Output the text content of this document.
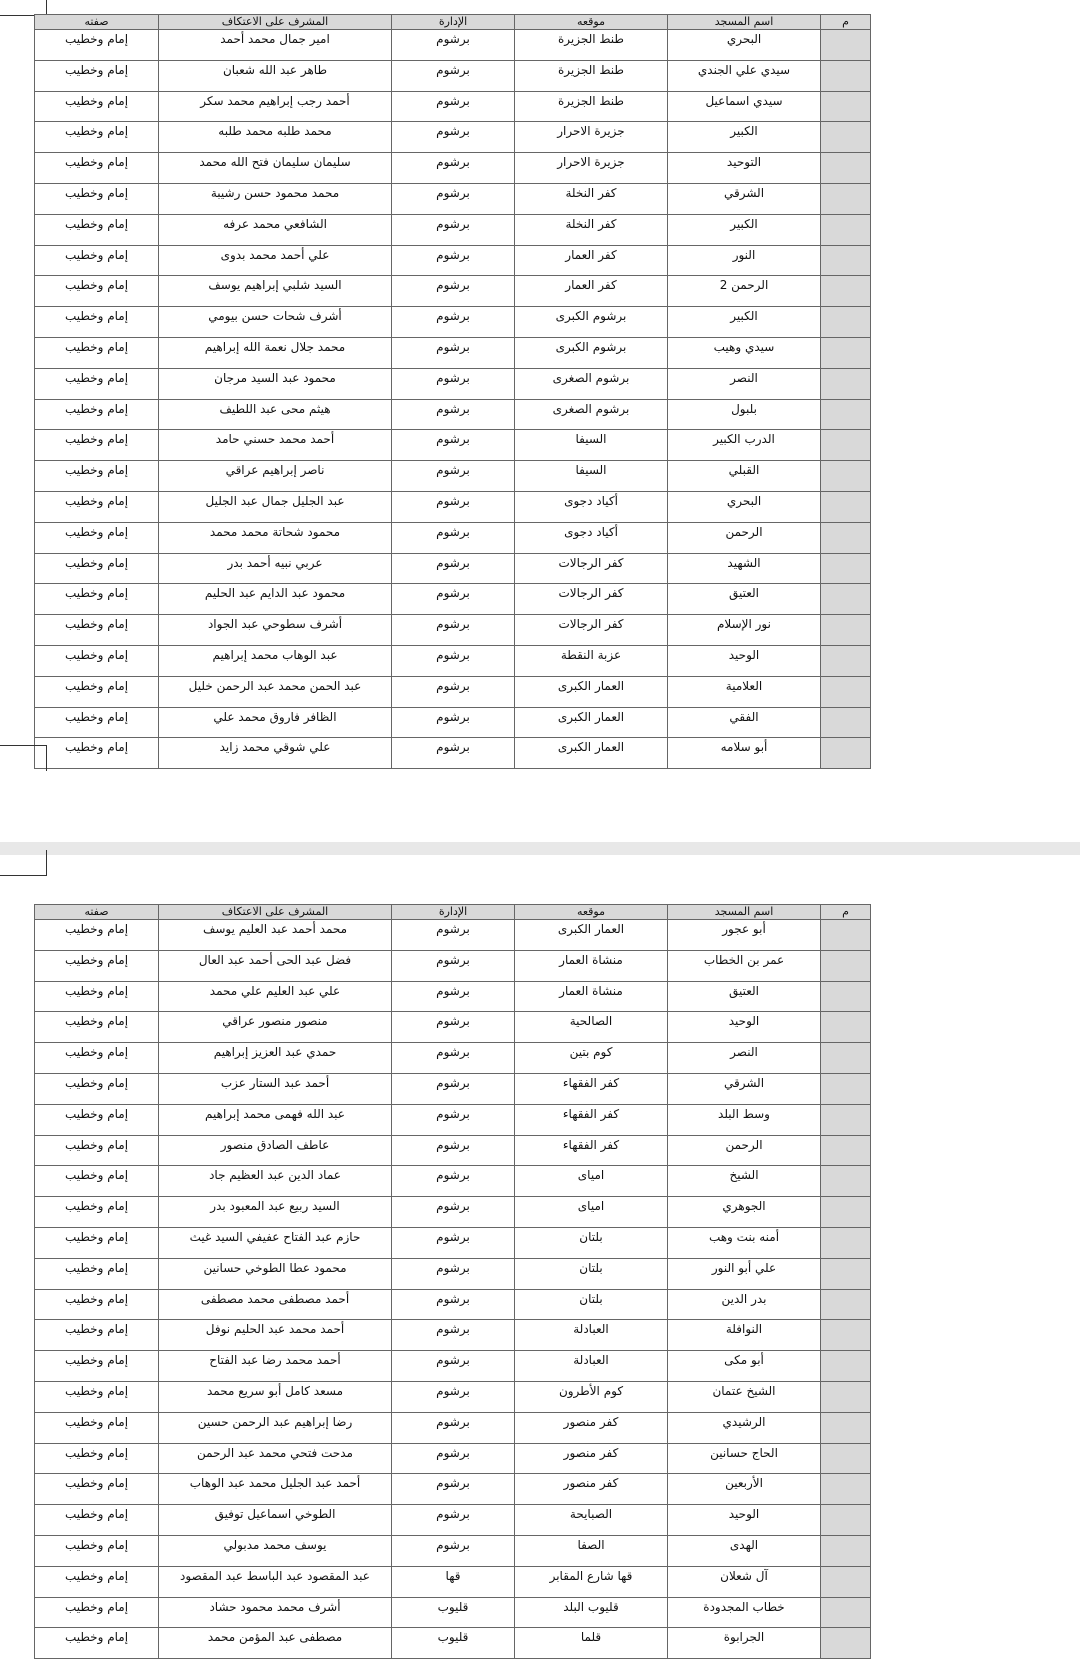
م	اسم المسجد	موقعه	الإدارة	المشرف على الاعتكاف	صفته
	البحري	طنط الجزيرة	برشوم	امير جمال محمد أحمد	إمام وخطيب
	سيدي علي الجندي	طنط الجزيرة	برشوم	طاهر عبد الله شعبان	إمام وخطيب
	سيدي اسماعيل	طنط الجزيرة	برشوم	أحمد رجب إبراهيم محمد سكر	إمام وخطيب
	الكبير	جزيرة الاحرار	برشوم	محمد طلبه محمد طلبه	إمام وخطيب
	التوحيد	جزيرة الاحرار	برشوم	سليمان سليمان فتح الله محمد	إمام وخطيب
	الشرقي	كفر النخلة	برشوم	محمد محمود حسن رشيبة	إمام وخطيب
	الكبير	كفر النخلة	برشوم	الشافعي محمد عرفه	إمام وخطيب
	النور	كفر العمار	برشوم	علي أحمد محمد بدوى	إمام وخطيب
	الرحمن 2	كفر العمار	برشوم	السيد شلبي إبراهيم يوسف	إمام وخطيب
	الكبير	برشوم الكبرى	برشوم	أشرف شحات حسن بيومي	إمام وخطيب
	سيدي وهيب	برشوم الكبرى	برشوم	محمد جلال نعمة الله إبراهيم	إمام وخطيب
	النصر	برشوم الصغرى	برشوم	محمود عبد السيد مرجان	إمام وخطيب
	بلبول	برشوم الصغرى	برشوم	هيثم محى عبد اللطيف	إمام وخطيب
	الدرب الكبير	السيفا	برشوم	أحمد محمد حسني حامد	إمام وخطيب
	القبلي	السيفا	برشوم	ناصر إبراهيم عراقي	إمام وخطيب
	البحري	أكياد دجوى	برشوم	عبد الجليل جمال عبد الجليل	إمام وخطيب
	الرحمن	أكياد دجوى	برشوم	محمود شحاتة محمد محمد	إمام وخطيب
	الشهيد	كفر الرجالات	برشوم	عربي نبيه أحمد بدر	إمام وخطيب
	العتيق	كفر الرجالات	برشوم	محمود عبد الدايم عبد الحليم	إمام وخطيب
	نور الإسلام	كفر الرجالات	برشوم	أشرف سطوحي عبد الجواد	إمام وخطيب
	الوحيد	عزبة النقطة	برشوم	عبد الوهاب محمد إبراهيم	إمام وخطيب
	العلامية	العمار الكبرى	برشوم	عبد الحمن محمد عبد الرحمن خليل	إمام وخطيب
	الفقي	العمار الكبرى	برشوم	الظافر فاروق محمد علي	إمام وخطيب
	أبو سلامه	العمار الكبرى	برشوم	علي شوقي محمد زايد	إمام وخطيب
م	اسم المسجد	موقعه	الإدارة	المشرف على الاعتكاف	صفته
	أبو عجور	العمار الكبرى	برشوم	محمد أحمد عبد العليم يوسف	إمام وخطيب
	عمر بن الخطاب	منشاة العمار	برشوم	فضل عبد الحى أحمد عبد العال	إمام وخطيب
	العتيق	منشاة العمار	برشوم	علي عبد العليم علي محمد	إمام وخطيب
	الوحيد	الصالحية	برشوم	منصور منصور عراقي	إمام وخطيب
	النصر	كوم بتين	برشوم	حمدي عبد العزيز إبراهيم	إمام وخطيب
	الشرقي	كفر الفقهاء	برشوم	أحمد عبد الستار عزب	إمام وخطيب
	وسط البلد	كفر الفقهاء	برشوم	عبد الله فهمى محمد إبراهيم	إمام وخطيب
	الرحمن	كفر الفقهاء	برشوم	عاطف الصادق منصور	إمام وخطيب
	الشيخ	امياى	برشوم	عماد الدين عبد العظيم جاد	إمام وخطيب
	الجوهري	امياى	برشوم	السيد ربيع عبد المعبود بدر	إمام وخطيب
	أمنه بنت وهب	بلتان	برشوم	حازم عبد الفتاح عفيفي السيد غيث	إمام وخطيب
	علي أبو النور	بلتان	برشوم	محمود عطا الطوخي حسانين	إمام وخطيب
	بدر الدين	بلتان	برشوم	أحمد مصطفى محمد مصطفى	إمام وخطيب
	النوافلة	العبادلة	برشوم	أحمد محمد عبد الحليم نوفل	إمام وخطيب
	أبو مكى	العبادلة	برشوم	أحمد محمد رضا عبد الفتاح	إمام وخطيب
	الشيخ عتمان	كوم الأطرون	برشوم	مسعد كامل أبو سريع محمد	إمام وخطيب
	الرشيدي	كفر منصور	برشوم	رضا إبراهيم عبد الرحمن حسين	إمام وخطيب
	الحاج حسانين	كفر منصور	برشوم	مدحت فتحي محمد عبد الرحمن	إمام وخطيب
	الأربعين	كفر منصور	برشوم	أحمد عبد الجليل محمد عبد الوهاب	إمام وخطيب
	الوحيد	الصبايحة	برشوم	الطوخي اسماعيل توفيق	إمام وخطيب
	الهدى	الصفا	برشوم	يوسف محمد مدبولي	إمام وخطيب
	آل شعلان	قها شارع المقابر	قها	عبد المقصود عبد الباسط عبد المقصود	إمام وخطيب
	خطاب المجدودة	قليوب البلد	قليوب	أشرف محمد محمود حشاد	إمام وخطيب
	الجرابوة	قلما	قليوب	مصطفى عبد المؤمن محمد	إمام وخطيب
